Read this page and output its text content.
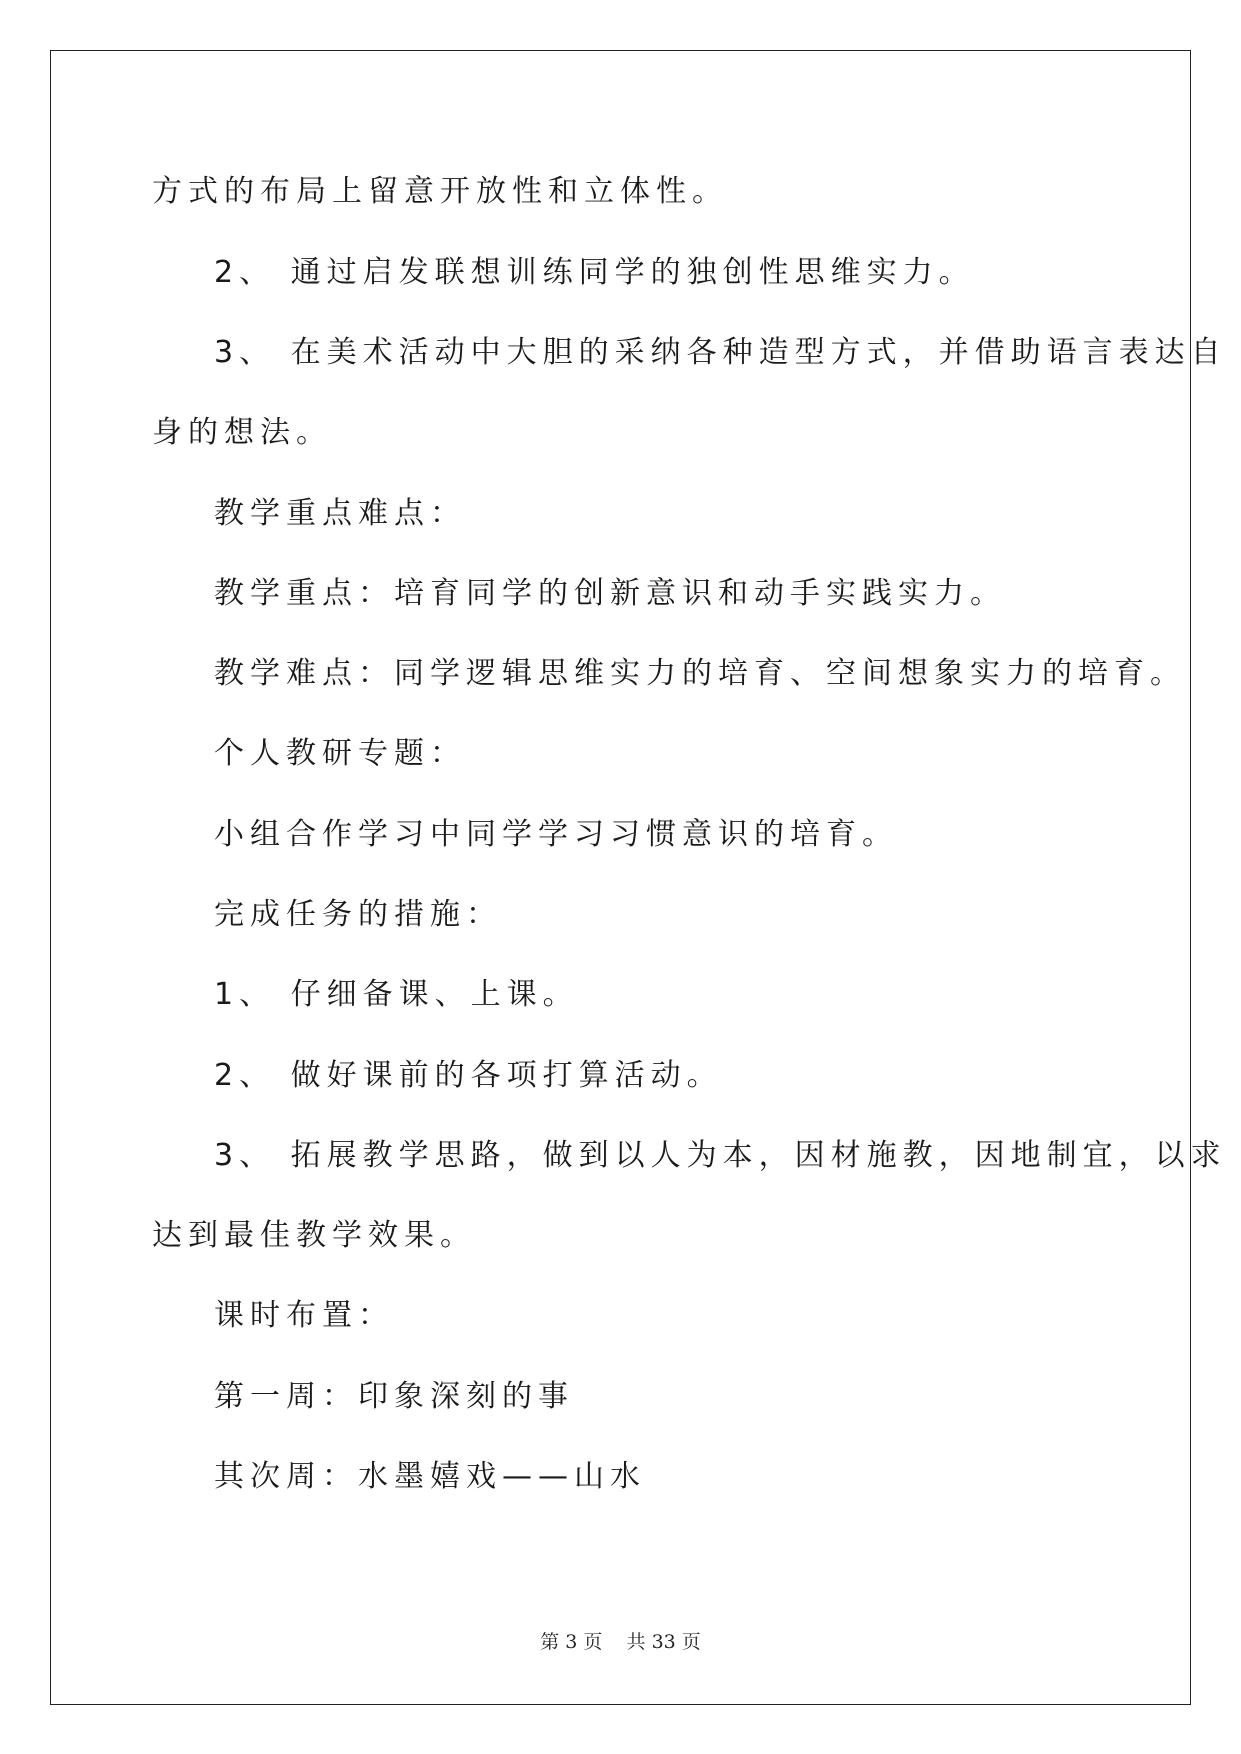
方式的布局上留意开放性和立体性。
2、 通过启发联想训练同学的独创性思维实力。
3、 在美术活动中大胆的采纳各种造型方式，并借助语言表达自
身的想法。
教学重点难点：
教学重点：培育同学的创新意识和动手实践实力。
教学难点：同学逻辑思维实力的培育、空间想象实力的培育。
个人教研专题：
小组合作学习中同学学习习惯意识的培育。
完成任务的措施：
1、 仔细备课、上课。
2、 做好课前的各项打算活动。
3、 拓展教学思路，做到以人为本，因材施教，因地制宜，以求
达到最佳教学效果。
课时布置：
第一周：印象深刻的事
其次周：水墨嬉戏——山水
第 3 页 共 33 页
